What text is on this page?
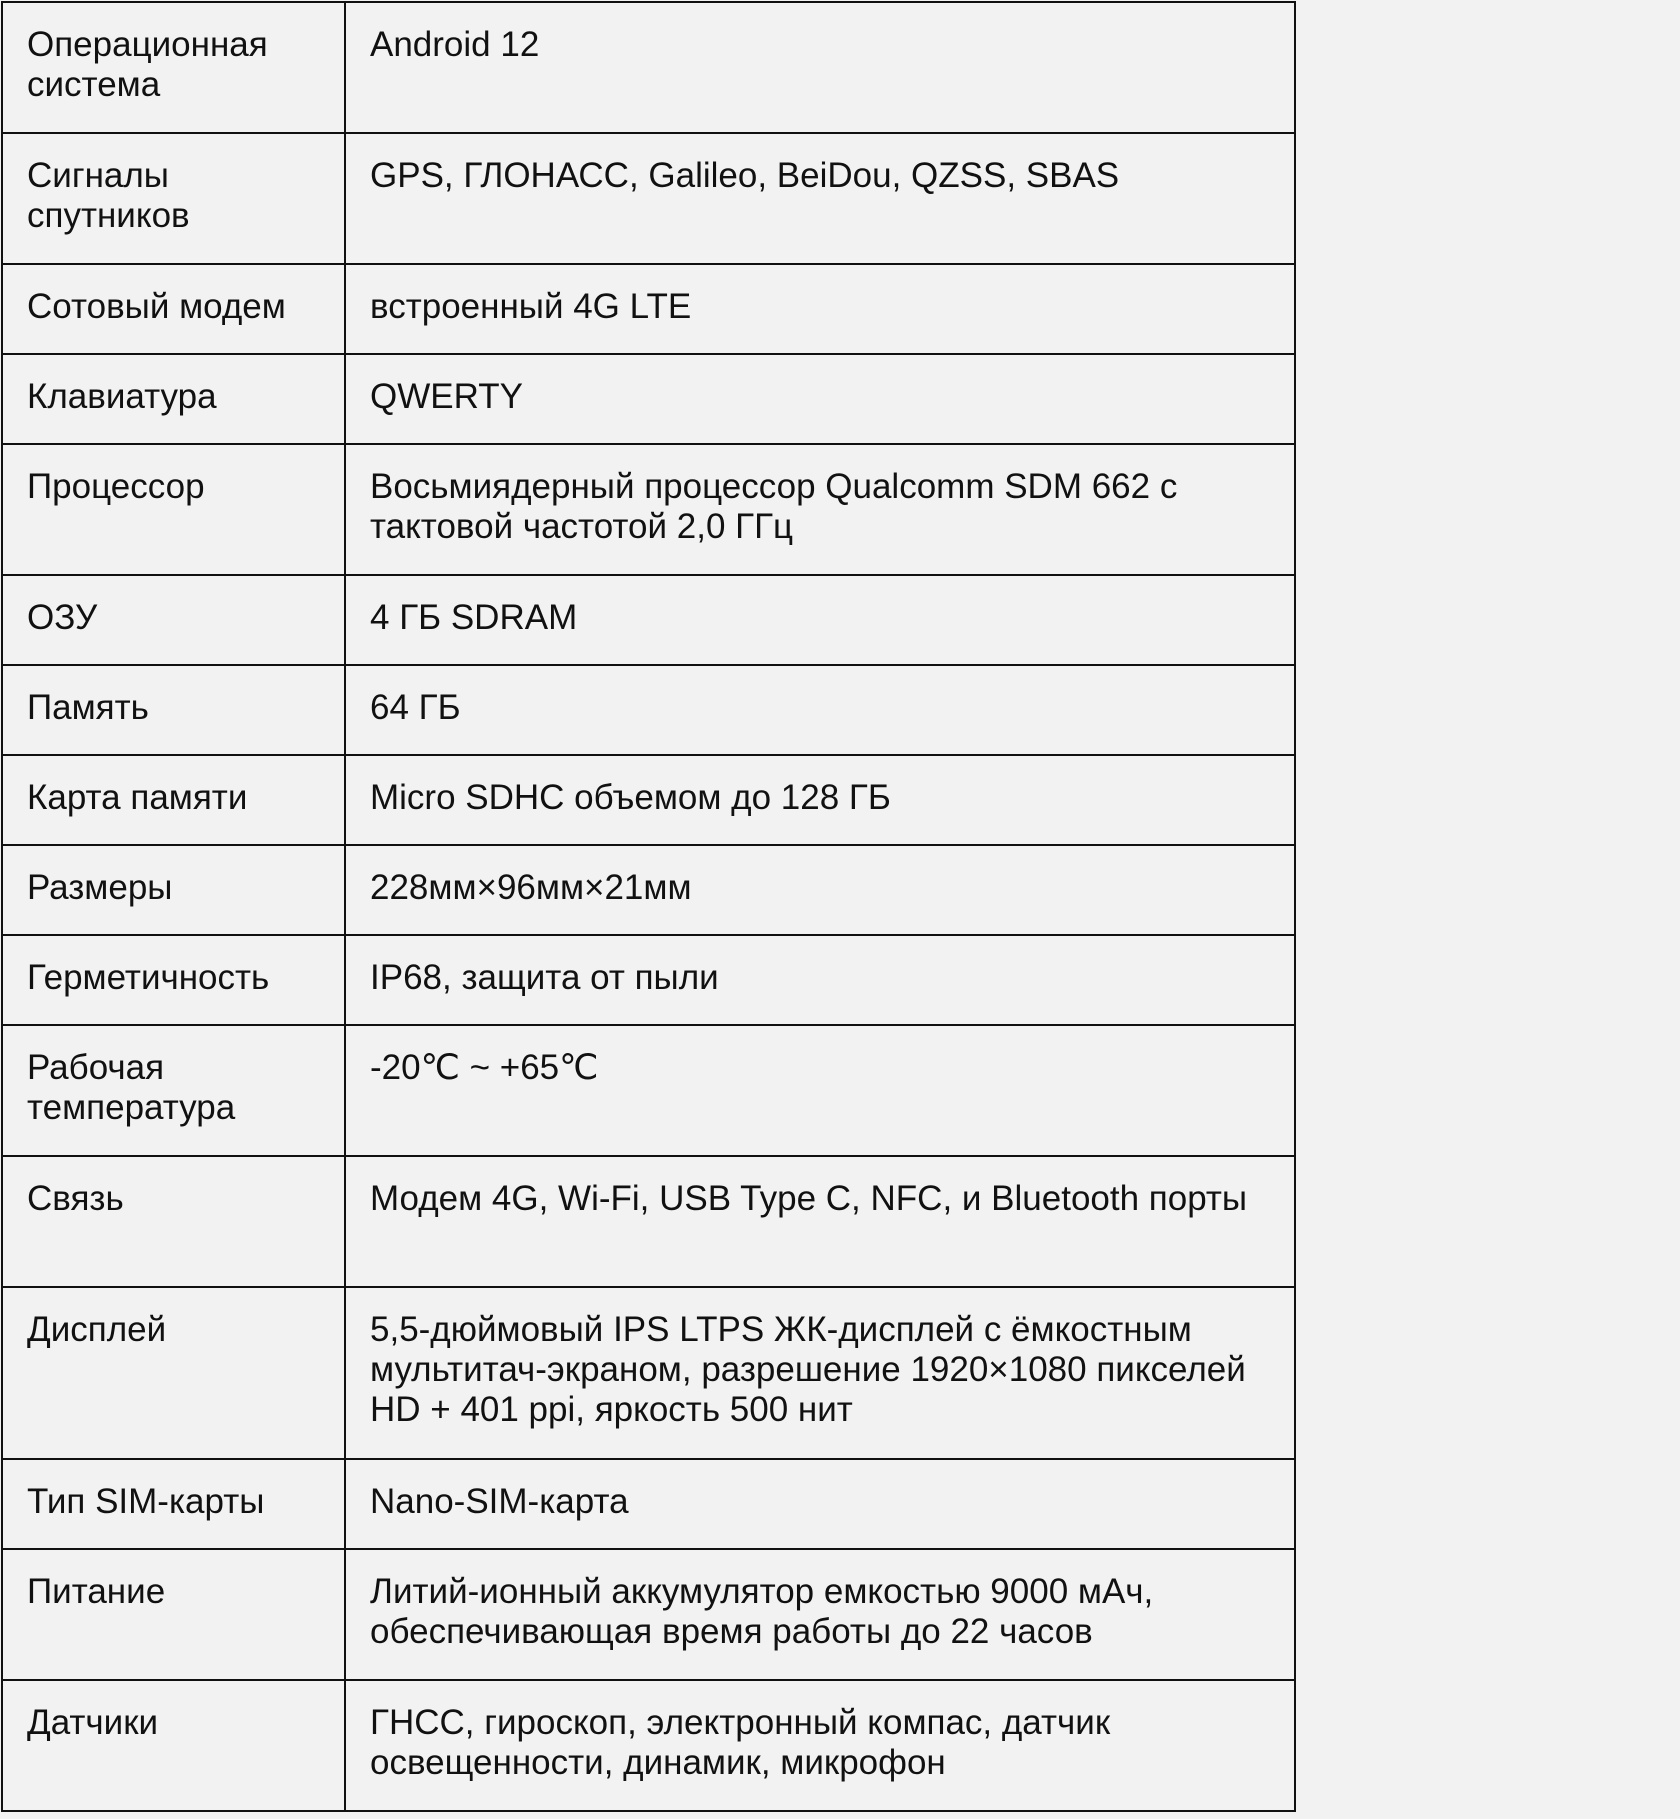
Операционная система	Android 12
Сигналы спутников	GPS, ГЛОНАСС, Galileo, BeiDou, QZSS, SBAS
Сотовый модем	встроенный 4G LTE
Клавиатура	QWERTY
Процессор	Восьмиядерный процессор Qualcomm SDM 662 с тактовой частотой 2,0 ГГц
ОЗУ	4 ГБ SDRAM
Память	64 ГБ
Карта памяти	Micro SDHC объемом до 128 ГБ
Размеры	228мм×96мм×21мм
Герметичность	IP68, защита от пыли
Рабочая температура	-20℃ ~ +65℃
Связь	Модем 4G, Wi-Fi, USB Type C, NFC, и Bluetooth порты
Дисплей	5,5-дюймовый IPS LTPS ЖК-дисплей с ёмкостным мультитач-экраном, разрешение 1920×1080 пикселей HD + 401 ppi, яркость 500 нит
Тип SIM-карты	Nano-SIM-карта
Питание	Литий-ионный аккумулятор емкостью 9000 мАч, обеспечивающая время работы до 22 часов
Датчики	ГНСС, гироскоп, электронный компас, датчик освещенности, динамик, микрофон
